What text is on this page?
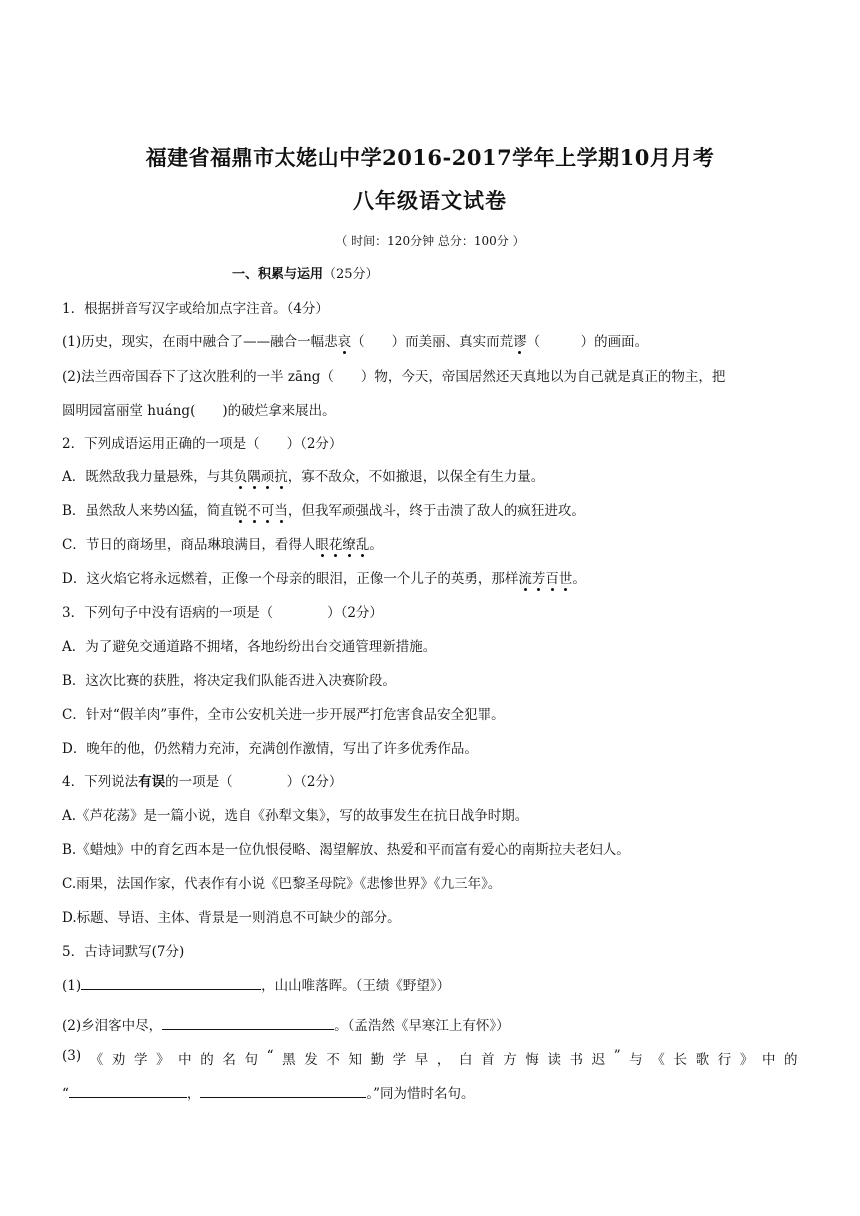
福建省福鼎市太姥山中学2016-2017学年上学期10月月考
八年级语文试卷
（ 时间：120分钟 总分：100分 ）
一、积累与运用（25分）
1．根据拼音写汉字或给加点字注音。（4分）
(1)历史，现实，在雨中融合了——融合一幅悲哀（　　）而美丽、真实而荒谬（　　　）的画面。
(2)法兰西帝国吞下了这次胜利的一半 zāng（　　）物，今天，帝国居然还天真地以为自己就是真正的物主，把
圆明园富丽堂 huáng(　　)的破烂拿来展出。
2．下列成语运用正确的一项是（　　）（2分）
A．既然敌我力量悬殊，与其负隅顽抗，寡不敌众，不如撤退，以保全有生力量。
B．虽然敌人来势凶猛，简直锐不可当，但我军顽强战斗，终于击溃了敌人的疯狂进攻。
C．节日的商场里，商品琳琅满目，看得人眼花缭乱。
D．这火焰它将永远燃着，正像一个母亲的眼泪，正像一个儿子的英勇，那样流芳百世。
3．下列句子中没有语病的一项是（　　　　）（2分）
A．为了避免交通道路不拥堵，各地纷纷出台交通管理新措施。
B．这次比赛的获胜，将决定我们队能否进入决赛阶段。
C．针对“假羊肉”事件，全市公安机关进一步开展严打危害食品安全犯罪。
D．晚年的他，仍然精力充沛，充满创作激情，写出了许多优秀作品。
4．下列说法有误的一项是（　　　　）（2分）
A.《芦花荡》是一篇小说，选自《孙犁文集》，写的故事发生在抗日战争时期。
B.《蜡烛》中的育乞西本是一位仇恨侵略、渴望解放、热爱和平而富有爱心的南斯拉夫老妇人。
C.雨果，法国作家，代表作有小说《巴黎圣母院》《悲惨世界》《九三年》。
D.标题、导语、主体、背景是一则消息不可缺少的部分。
5．古诗词默写(7分)
(1)	，山山唯落晖。（王绩《野望》）
(2)乡泪客中尽，	。（孟浩然《早寒江上有怀》）
(3) 《 劝 学 》 中 的 名 句 “ 黑 发 不 知 勤 学 早 ， 白 首 方 悔 读 书 迟 ” 与 《 长 歌 行 》 中 的
“	，	。”同为惜时名句。
